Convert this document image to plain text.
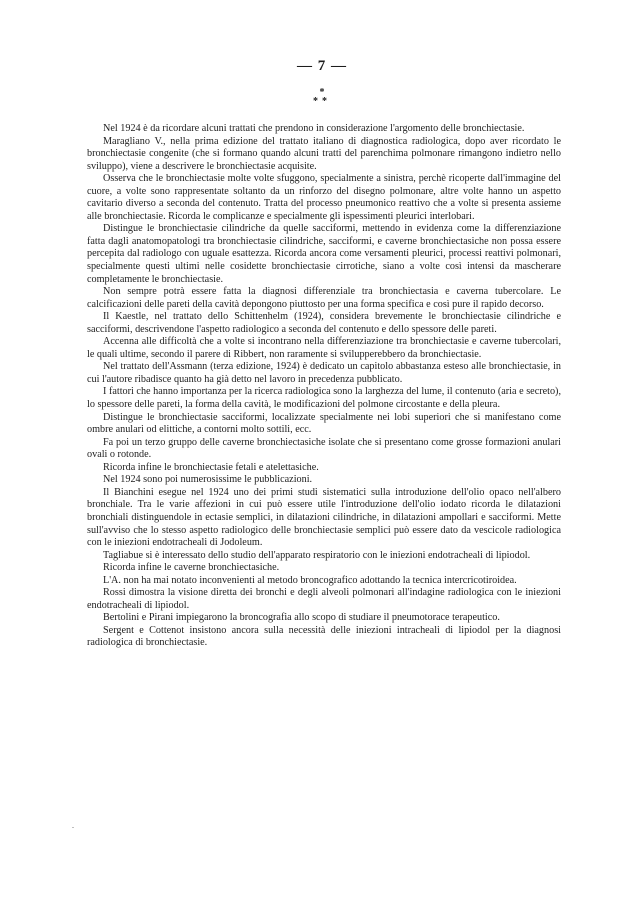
— 7 —
*
**

Nel 1924 è da ricordare alcuni trattati che prendono in considerazione l'argomento delle bronchiectasie.

Maragliano V., nella prima edizione del trattato italiano di diagnostica radiologica, dopo aver ricordato le bronchiectasie congenite (che si formano quando alcuni tratti del parenchima polmonare rimangono indietro nello sviluppo), viene a descrivere le bronchiectasie acquisite.

Osserva che le bronchiectasie molte volte sfuggono, specialmente a sinistra, perchè ricoperte dall'immagine del cuore, a volte sono rappresentate soltanto da un rinforzo del disegno polmonare, altre volte hanno un aspetto cavitario diverso a seconda del contenuto. Tratta del processo pneumonico reattivo che a volte si presenta assieme alle bronchiectasie. Ricorda le complicanze e specialmente gli ispessimenti pleurici interlobari.

Distingue le bronchiectasie cilindriche da quelle sacciformi, mettendo in evidenza come la differenziazione fatta dagli anatomopatologi tra bronchiectasie cilindriche, sacciformi, e caverne bronchiectasiche non possa essere percepita dal radiologo con uguale esattezza. Ricorda ancora come versamenti pleurici, processi reattivi polmonari, specialmente questi ultimi nelle cosidette bronchiectasie cirrotiche, siano a volte così intensi da mascherare completamente le bronchiectasie.

Non sempre potrà essere fatta la diagnosi differenziale tra bronchiectasia e caverna tubercolare. Le calcificazioni delle pareti della cavità depongono piuttosto per una forma specifica e così pure il rapido decorso.

Il Kaestle, nel trattato dello Schittenhelm (1924), considera brevemente le bronchiectasie cilindriche e sacciformi, descrivendone l'aspetto radiologico a seconda del contenuto e dello spessore delle pareti.

Accenna alle difficoltà che a volte si incontrano nella differenziazione tra bronchiectasie e caverne tubercolari, le quali ultime, secondo il parere di Ribbert, non raramente si svilupperebbero da bronchiectasie.

Nel trattato dell'Assmann (terza edizione, 1924) è dedicato un capitolo abbastanza esteso alle bronchiectasie, in cui l'autore ribadisce quanto ha già detto nel lavoro in precedenza pubblicato.

I fattori che hanno importanza per la ricerca radiologica sono la larghezza del lume, il contenuto (aria e secreto), lo spessore delle pareti, la forma della cavità, le modificazioni del polmone circostante e della pleura.

Distingue le bronchiectasie sacciformi, localizzate specialmente nei lobi superiori che si manifestano come ombre anulari od elittiche, a contorni molto sottili, ecc.

Fa poi un terzo gruppo delle caverne bronchiectasiche isolate che si presentano come grosse formazioni anulari ovali o rotonde.

Ricorda infine le bronchiectasie fetali e atelettasiche.

Nel 1924 sono poi numerosissime le pubblicazioni.

Il Bianchini esegue nel 1924 uno dei primi studi sistematici sulla introduzione dell'olio opaco nell'albero bronchiale. Tra le varie affezioni in cui può essere utile l'introduzione dell'olio iodato ricorda le dilatazioni bronchiali distinguendole in ectasie semplici, in dilatazioni cilindriche, in dilatazioni ampollari e sacciformi. Mette sull'avviso che lo stesso aspetto radiologico delle bronchiectasie semplici può essere dato da vescicole radiologica con le iniezioni endotracheali di Jodoleum.

Tagliabue si è interessato dello studio dell'apparato respiratorio con le iniezioni endotracheali di lipiodol.

Ricorda infine le caverne bronchiectasiche.

L'A. non ha mai notato inconvenienti al metodo broncografico adottando la tecnica intercricotiroidea.

Rossi dimostra la visione diretta dei bronchi e degli alveoli polmonari all'indagine radiologica con le iniezioni endotracheali di lipiodol.

Bertolini e Pirani impiegarono la broncografia allo scopo di studiare il pneumotorace terapeutico.

Sergent e Cottenot insistono ancora sulla necessità delle iniezioni intracheali di lipiodol per la diagnosi radiologica di bronchiectasie.

.
